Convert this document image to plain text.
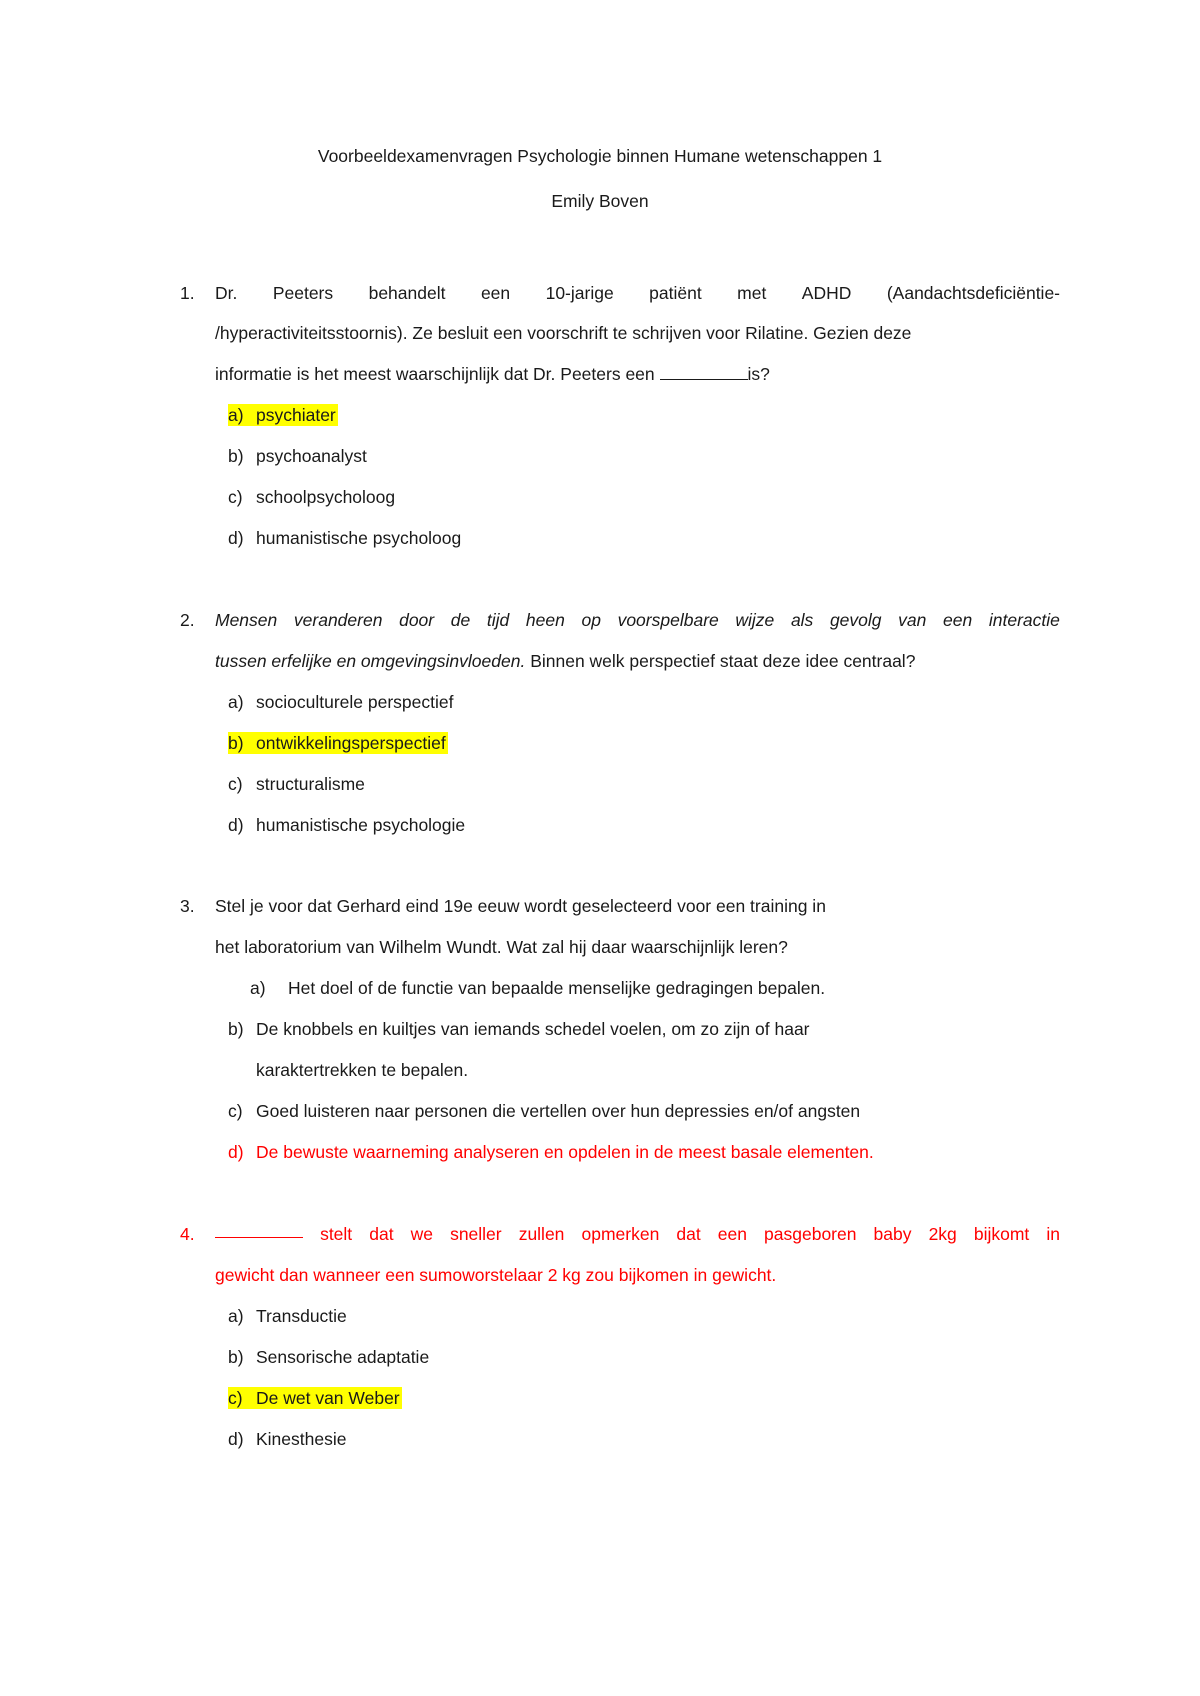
Voorbeeldexamenvragen Psychologie binnen Humane wetenschappen 1
Emily Boven
1.	Dr. Peeters behandelt een 10-jarige patiënt met ADHD (Aandachtsdeficiëntie-
/hyperactiviteitsstoornis). Ze besluit een voorschrift te schrijven voor Rilatine. Gezien deze
informatie is het meest waarschijnlijk dat Dr. Peeters een	is?
a) psychiater
b) psychoanalyst
c) schoolpsycholoog
d) humanistische psycholoog
2.	Mensen veranderen door de tijd heen op voorspelbare wijze als gevolg van een interactie
tussen erfelijke en omgevingsinvloeden. Binnen welk perspectief staat deze idee centraal?
a) socioculturele perspectief
b) ontwikkelingsperspectief
c) structuralisme
d) humanistische psychologie
3.	Stel je voor dat Gerhard eind 19e eeuw wordt geselecteerd voor een training in
het laboratorium van Wilhelm Wundt. Wat zal hij daar waarschijnlijk leren?
a) Het doel of de functie van bepaalde menselijke gedragingen bepalen.
b) De knobbels en kuiltjes van iemands schedel voelen, om zo zijn of haar
karaktertrekken te bepalen.
c) Goed luisteren naar personen die vertellen over hun depressies en/of angsten
d) De bewuste waarneming analyseren en opdelen in de meest basale elementen.
4.	stelt dat we sneller zullen opmerken dat een pasgeboren baby 2kg bijkomt in
gewicht dan wanneer een sumoworstelaar 2 kg zou bijkomen in gewicht.
a) Transductie
b) Sensorische adaptatie
c) De wet van Weber
d) Kinesthesie
